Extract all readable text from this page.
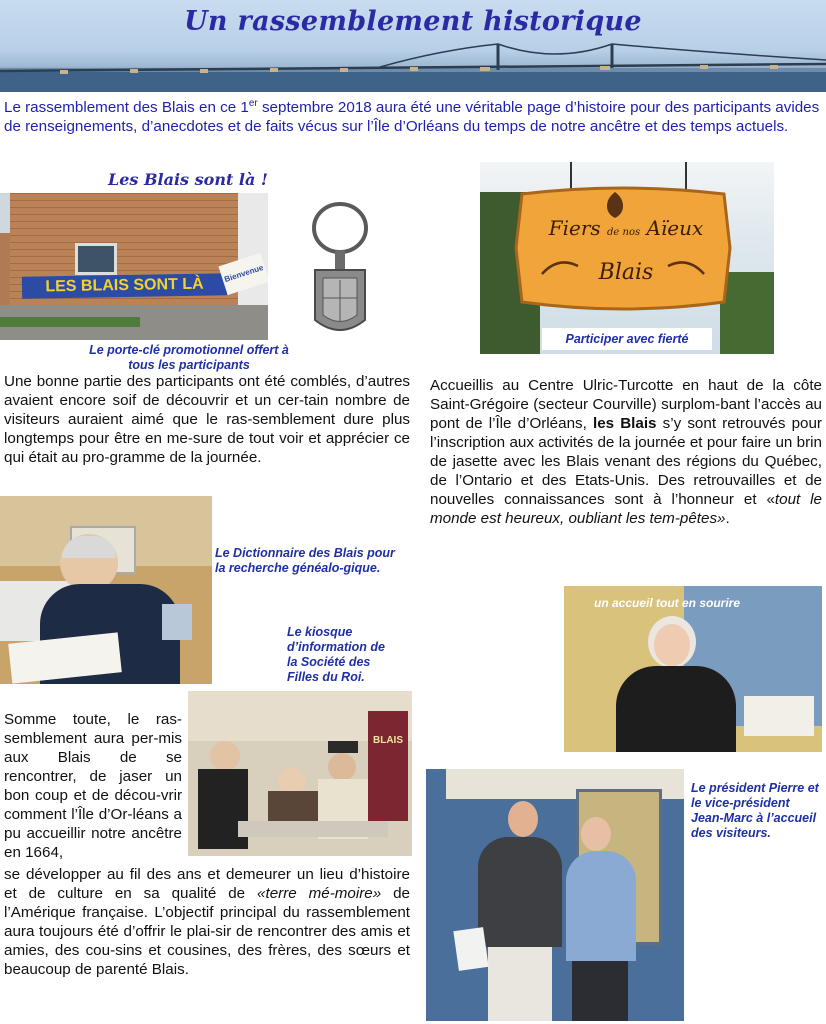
Un rassemblement historique
Le rassemblement des Blais en ce 1er septembre 2018 aura été une véritable page d’histoire pour des participants avides de renseignements, d’anecdotes et de faits vécus sur l’Île d’Orléans du temps de notre ancêtre et des temps actuels.
Les Blais sont là !
LES BLAIS SONT LÀ
Bienvenue
Le porte-clé promotionnel offert à tous les participants
Fiers de nos Aïeux
Blais
Participer avec fierté
Une bonne partie des participants ont été comblés, d’autres avaient encore soif de découvrir et un cer-tain nombre de visiteurs auraient aimé que le ras-semblement dure plus longtemps pour être en me-sure de tout voir et apprécier ce qui était au pro-gramme de la journée.
Accueillis au Centre Ulric-Turcotte en haut de la côte Saint-Grégoire (secteur Courville) surplom-bant l’accès au pont de l’Île d’Orléans, les Blais s’y sont retrouvés pour l’inscription aux activités de la journée et pour faire un brin de jasette avec les Blais venant des régions du Québec, de l’Ontario et des Etats-Unis. Des retrouvailles et de nouvelles connaissances sont à l’honneur et «tout le monde est heureux, oubliant les tem-pêtes».
Le Dictionnaire des Blais pour la recherche généalo-gique.
Le kiosque d’information de la Société des Filles du Roi.
BLAIS
Somme toute, le ras-semblement aura per-mis aux Blais de se rencontrer, de jaser un bon coup et de décou-vrir comment l’Île d’Or-léans a pu accueillir notre ancêtre en 1664,
se développer au fil des ans et demeurer un lieu d’histoire et de culture en sa qualité de «terre mé-moire» de l’Amérique française. L’objectif principal du rassemblement aura toujours été d’offrir le plai-sir de rencontrer des amis et amies, des cou-sins et cousines, des frères, des sœurs et beaucoup de parenté Blais.
un accueil tout en sourire
Le président Pierre et le vice-président Jean-Marc à l’accueil des visiteurs.
